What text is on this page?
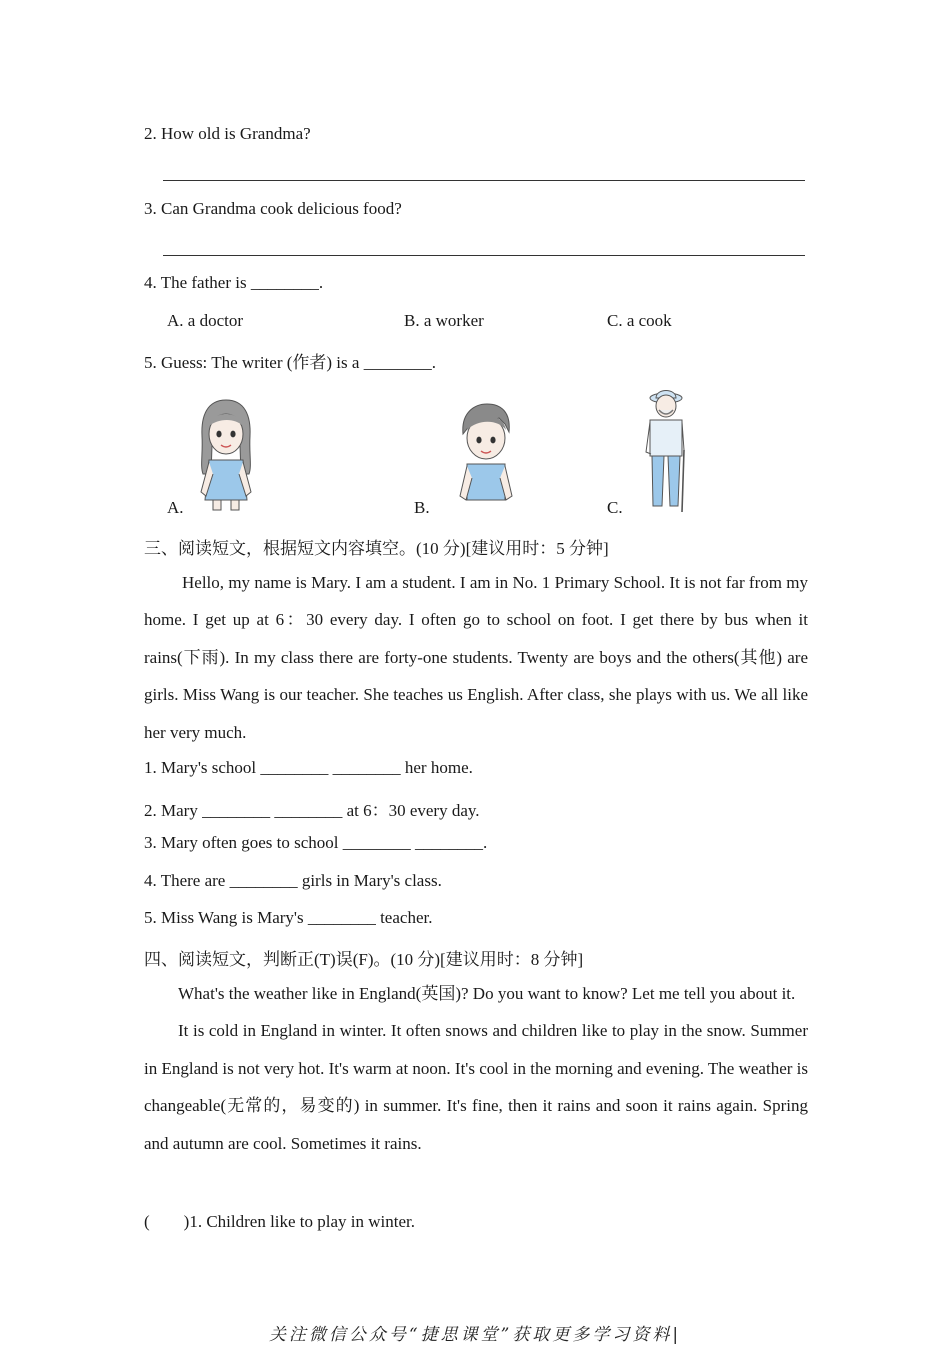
2. How old is Grandma?
3. Can Grandma cook delicious food?
4. The father is ________.
A. a doctor	B. a worker	C. a cook
5. Guess: The writer (作者) is a ________.
A.	B.	C.
三、阅读短文，根据短文内容填空。(10 分)[建议用时：5 分钟]

Hello, my name is Mary. I am a student. I am in No. 1 Primary School. It is not far from my home. I get up at 6：30 every day. I often go to school on foot. I get there by bus when it rains(下雨). In my class there are forty-one students. Twenty are boys and the others(其他) are girls. Miss Wang is our teacher. She teaches us English. After class, she plays with us. We all like her very much.

1. Mary's school ________ ________ her home.
2. Mary ________ ________ at 6：30 every day.
3. Mary often goes to school ________ ________.
4. There are ________ girls in Mary's class.
5. Miss Wang is Mary's ________ teacher.
四、阅读短文，判断正(T)误(F)。(10 分)[建议用时：8 分钟]

What's the weather like in England(英国)? Do you want to know? Let me tell you about it.

It is cold in England in winter. It often snows and children like to play in the snow. Summer in England is not very hot. It's warm at noon. It's cool in the morning and evening. The weather is changeable(无常的，易变的) in summer. It's fine, then it rains and soon it rains again. Spring and autumn are cool. Sometimes it rains.

(　　)1. Children like to play in winter.
关注微信公众号“捷思课堂”获取更多学习资料|
